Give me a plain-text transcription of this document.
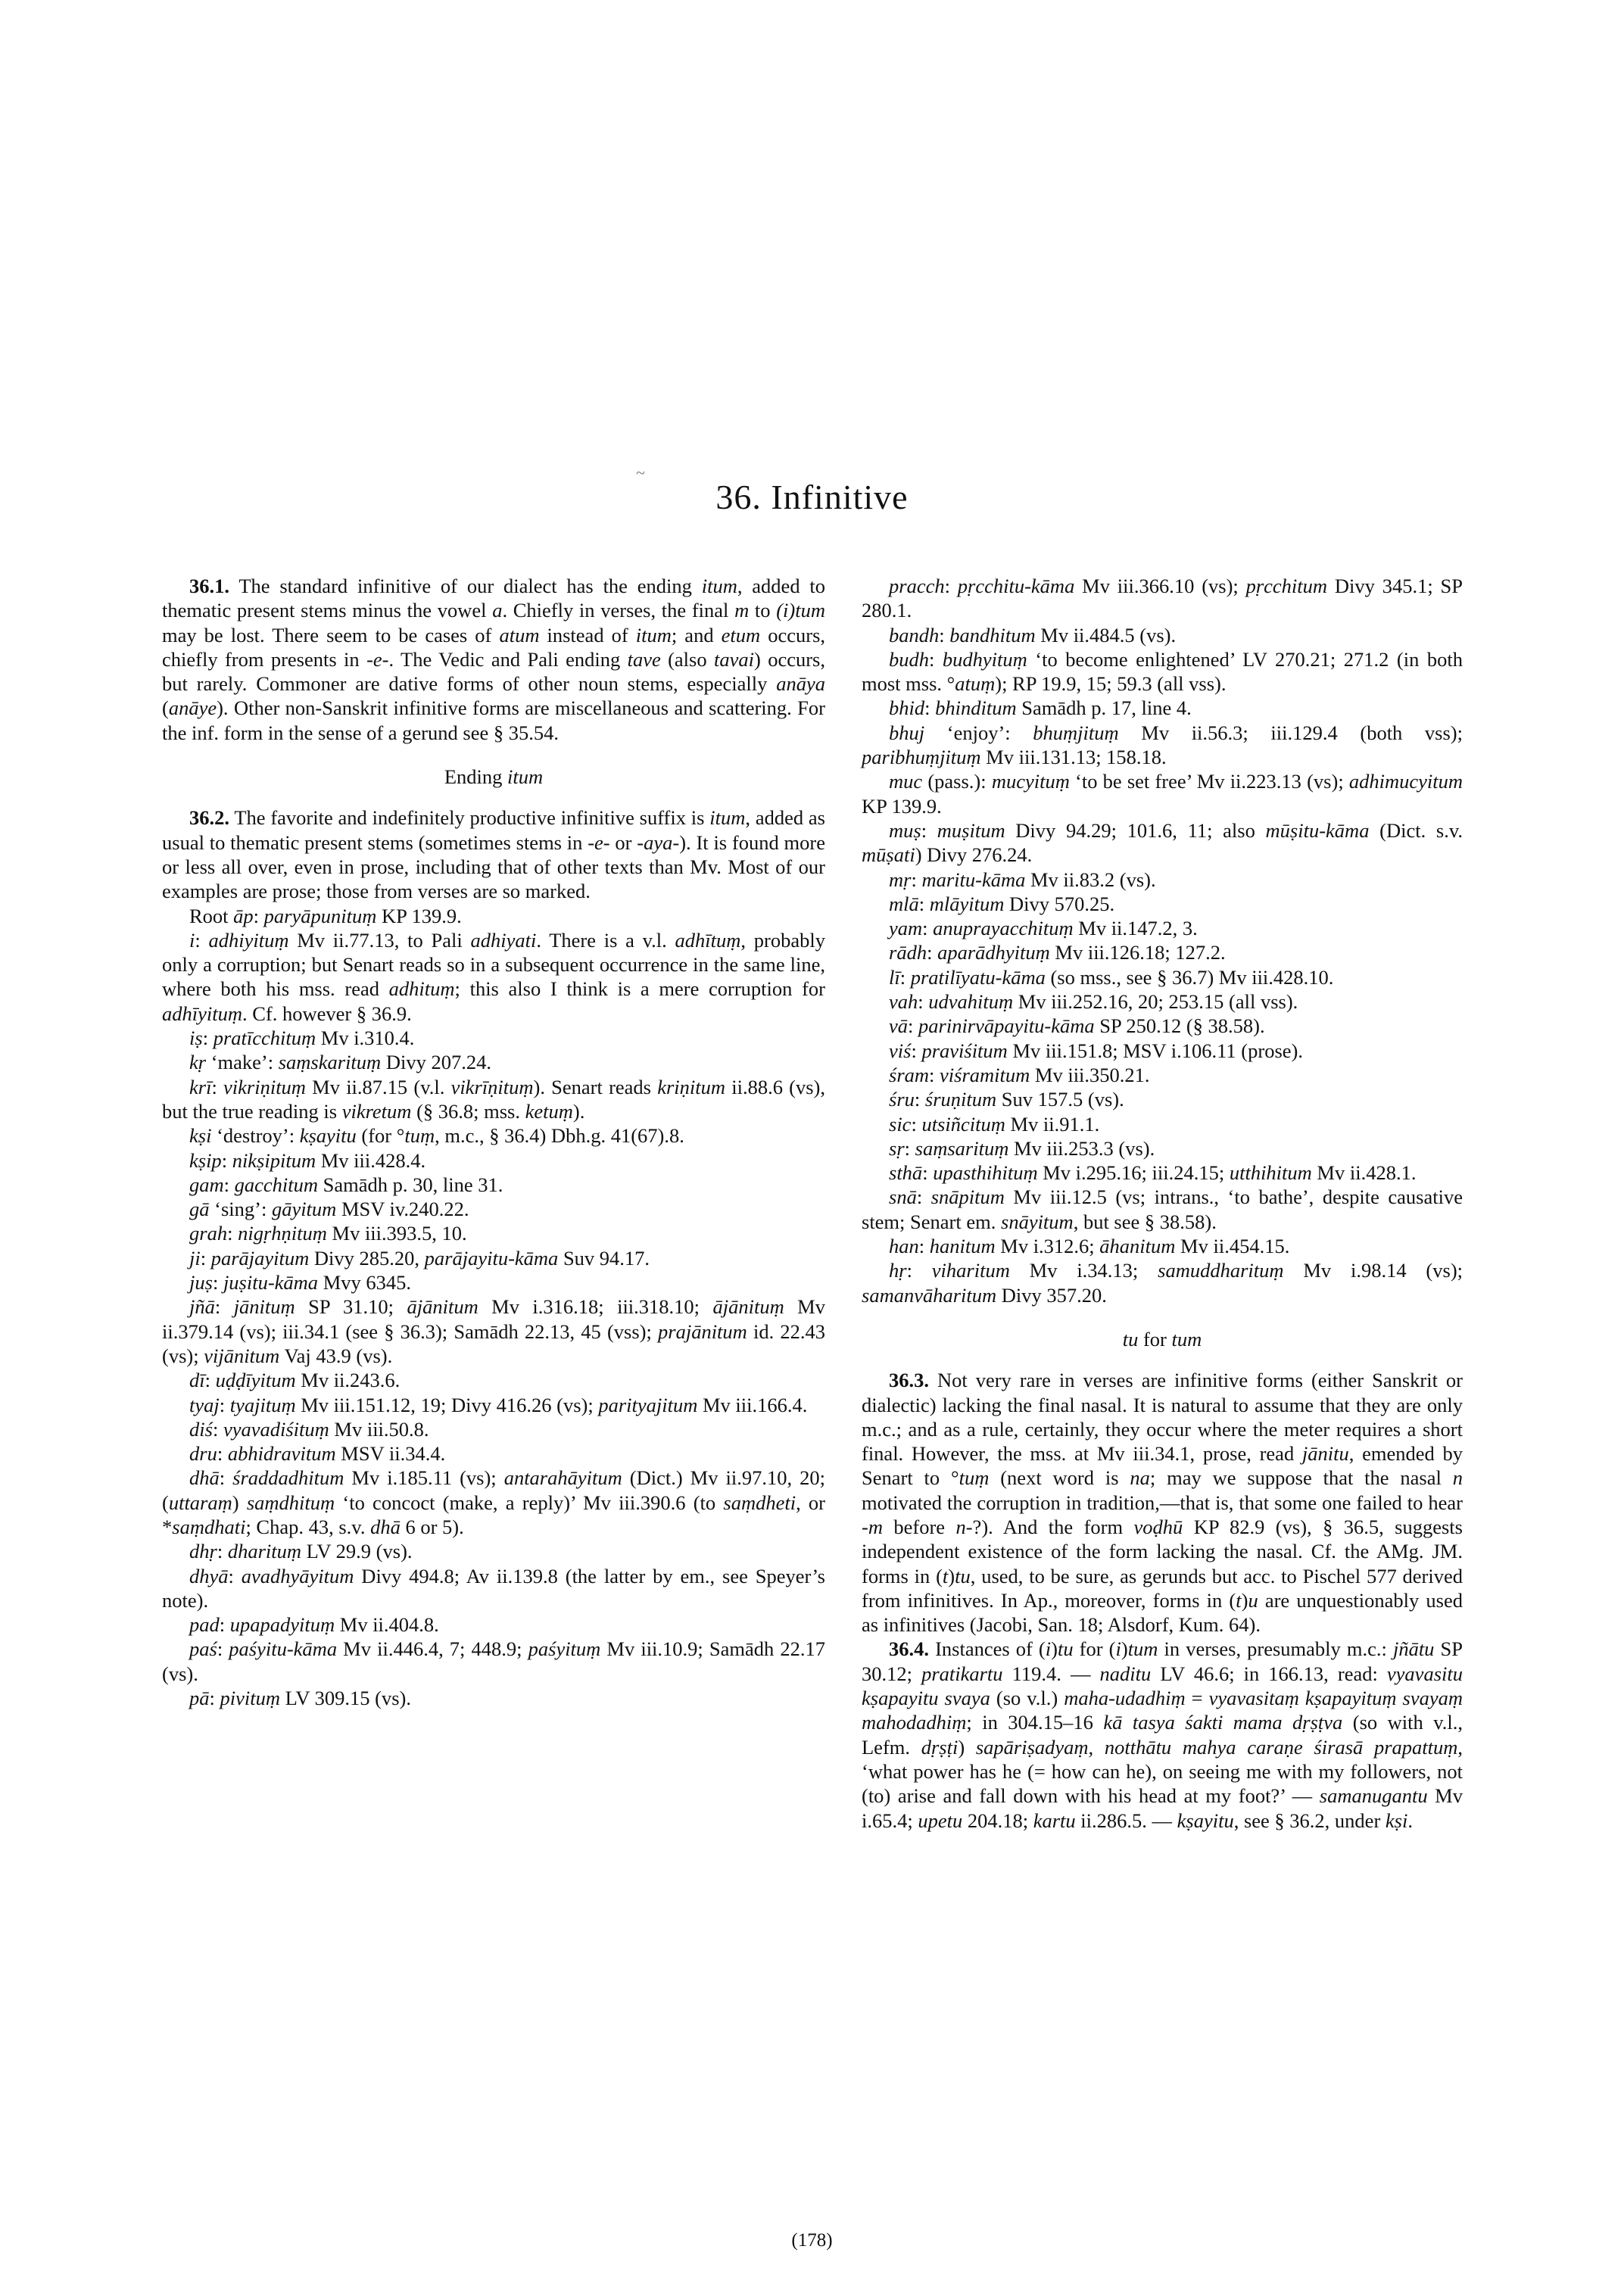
~
36. Infinitive

36.1. The standard infinitive of our dialect has the ending itum, added to thematic present stems minus the vowel a. Chiefly in verses, the final m to (i)tum may be lost. There seem to be cases of atum instead of itum; and etum occurs, chiefly from presents in -e-. The Vedic and Pali ending tave (also tavai) occurs, but rarely. Commoner are dative forms of other noun stems, especially anāya (anāye). Other non-Sanskrit infinitive forms are miscellaneous and scattering. For the inf. form in the sense of a gerund see § 35.54.

Ending itum

36.2. The favorite and indefinitely productive infinitive suffix is itum, added as usual to thematic present stems (sometimes stems in -e- or -aya-). It is found more or less all over, even in prose, including that of other texts than Mv. Most of our examples are prose; those from verses are so marked.

Root āp: paryāpunituṃ KP 139.9.

i: adhiyituṃ Mv ii.77.13, to Pali adhiyati. There is a v.l. adhītuṃ, probably only a corruption; but Senart reads so in a subsequent occurrence in the same line, where both his mss. read adhituṃ; this also I think is a mere corruption for adhīyituṃ. Cf. however § 36.9.

iṣ: pratīcchituṃ Mv i.310.4.

kṛ ‘make’: saṃskarituṃ Divy 207.24.

krī: vikriṇituṃ Mv ii.87.15 (v.l. vikrīṇituṃ). Senart reads kriṇitum ii.88.6 (vs), but the true reading is vikretum (§ 36.8; mss. ketuṃ).

kṣi ‘destroy’: kṣayitu (for °tuṃ, m.c., § 36.4) Dbh.g. 41(67).8.

kṣip: nikṣipitum Mv iii.428.4.

gam: gacchitum Samādh p. 30, line 31.

gā ‘sing’: gāyitum MSV iv.240.22.

grah: nigṛhṇituṃ Mv iii.393.5, 10.

ji: parājayitum Divy 285.20, parājayitu-kāma Suv 94.17.

juṣ: juṣitu-kāma Mvy 6345.

jñā: jānituṃ SP 31.10; ājānitum Mv i.316.18; iii.318.10; ājānituṃ Mv ii.379.14 (vs); iii.34.1 (see § 36.3); Samādh 22.13, 45 (vss); prajānitum id. 22.43 (vs); vijānitum Vaj 43.9 (vs).

dī: uḍḍīyitum Mv ii.243.6.

tyaj: tyajituṃ Mv iii.151.12, 19; Divy 416.26 (vs); parityajitum Mv iii.166.4.

diś: vyavadiśituṃ Mv iii.50.8.

dru: abhidravitum MSV ii.34.4.

dhā: śraddadhitum Mv i.185.11 (vs); antarahāyitum (Dict.) Mv ii.97.10, 20; (uttaraṃ) saṃdhituṃ ‘to concoct (make, a reply)’ Mv iii.390.6 (to saṃdheti, or *saṃdhati; Chap. 43, s.v. dhā 6 or 5).

dhṛ: dharituṃ LV 29.9 (vs).

dhyā: avadhyāyitum Divy 494.8; Av ii.139.8 (the latter by em., see Speyer’s note).

pad: upapadyituṃ Mv ii.404.8.

paś: paśyitu-kāma Mv ii.446.4, 7; 448.9; paśyituṃ Mv iii.10.9; Samādh 22.17 (vs).

pā: pivituṃ LV 309.15 (vs).

pracch: pṛcchitu-kāma Mv iii.366.10 (vs); pṛcchitum Divy 345.1; SP 280.1.

bandh: bandhitum Mv ii.484.5 (vs).

budh: budhyituṃ ‘to become enlightened’ LV 270.21; 271.2 (in both most mss. °atuṃ); RP 19.9, 15; 59.3 (all vss).

bhid: bhinditum Samādh p. 17, line 4.

bhuj ‘enjoy’: bhuṃjituṃ Mv ii.56.3; iii.129.4 (both vss); paribhuṃjituṃ Mv iii.131.13; 158.18.

muc (pass.): mucyituṃ ‘to be set free’ Mv ii.223.13 (vs); adhimucyitum KP 139.9.

muṣ: muṣitum Divy 94.29; 101.6, 11; also mūṣitu-kāma (Dict. s.v. mūṣati) Divy 276.24.

mṛ: maritu-kāma Mv ii.83.2 (vs).

mlā: mlāyitum Divy 570.25.

yam: anuprayacchituṃ Mv ii.147.2, 3.

rādh: aparādhyituṃ Mv iii.126.18; 127.2.

lī: pratilīyatu-kāma (so mss., see § 36.7) Mv iii.428.10.

vah: udvahituṃ Mv iii.252.16, 20; 253.15 (all vss).

vā: parinirvāpayitu-kāma SP 250.12 (§ 38.58).

viś: praviśitum Mv iii.151.8; MSV i.106.11 (prose).

śram: viśramitum Mv iii.350.21.

śru: śruṇitum Suv 157.5 (vs).

sic: utsiñcituṃ Mv ii.91.1.

sṛ: saṃsarituṃ Mv iii.253.3 (vs).

sthā: upasthihituṃ Mv i.295.16; iii.24.15; utthihitum Mv ii.428.1.

snā: snāpitum Mv iii.12.5 (vs; intrans., ‘to bathe’, despite causative stem; Senart em. snāyitum, but see § 38.58).

han: hanitum Mv i.312.6; āhanitum Mv ii.454.15.

hṛ: viharitum Mv i.34.13; samuddharituṃ Mv i.98.14 (vs); samanvāharitum Divy 357.20.

tu for tum

36.3. Not very rare in verses are infinitive forms (either Sanskrit or dialectic) lacking the final nasal. It is natural to assume that they are only m.c.; and as a rule, certainly, they occur where the meter requires a short final. However, the mss. at Mv iii.34.1, prose, read jānitu, emended by Senart to °tuṃ (next word is na; may we suppose that the nasal n motivated the corruption in tradition,—that is, that some one failed to hear -m before n-?). And the form voḍhū KP 82.9 (vs), § 36.5, suggests independent existence of the form lacking the nasal. Cf. the AMg. JM. forms in (t)tu, used, to be sure, as gerunds but acc. to Pischel 577 derived from infinitives. In Ap., moreover, forms in (t)u are unquestionably used as infinitives (Jacobi, San. 18; Alsdorf, Kum. 64).

36.4. Instances of (i)tu for (i)tum in verses, presumably m.c.: jñātu SP 30.12; pratikartu 119.4. — naditu LV 46.6; in 166.13, read: vyavasitu kṣapayitu svaya (so v.l.) maha-udadhiṃ = vyavasitaṃ kṣapayituṃ svayaṃ mahodadhiṃ; in 304.15–16 kā tasya śakti mama dṛṣṭva (so with v.l., Lefm. dṛṣṭi) sapāriṣadyaṃ, notthātu mahya caraṇe śirasā prapattuṃ, ‘what power has he (= how can he), on seeing me with my followers, not (to) arise and fall down with his head at my foot?’ — samanugantu Mv i.65.4; upetu 204.18; kartu ii.286.5. — kṣayitu, see § 36.2, under kṣi.

(178)
